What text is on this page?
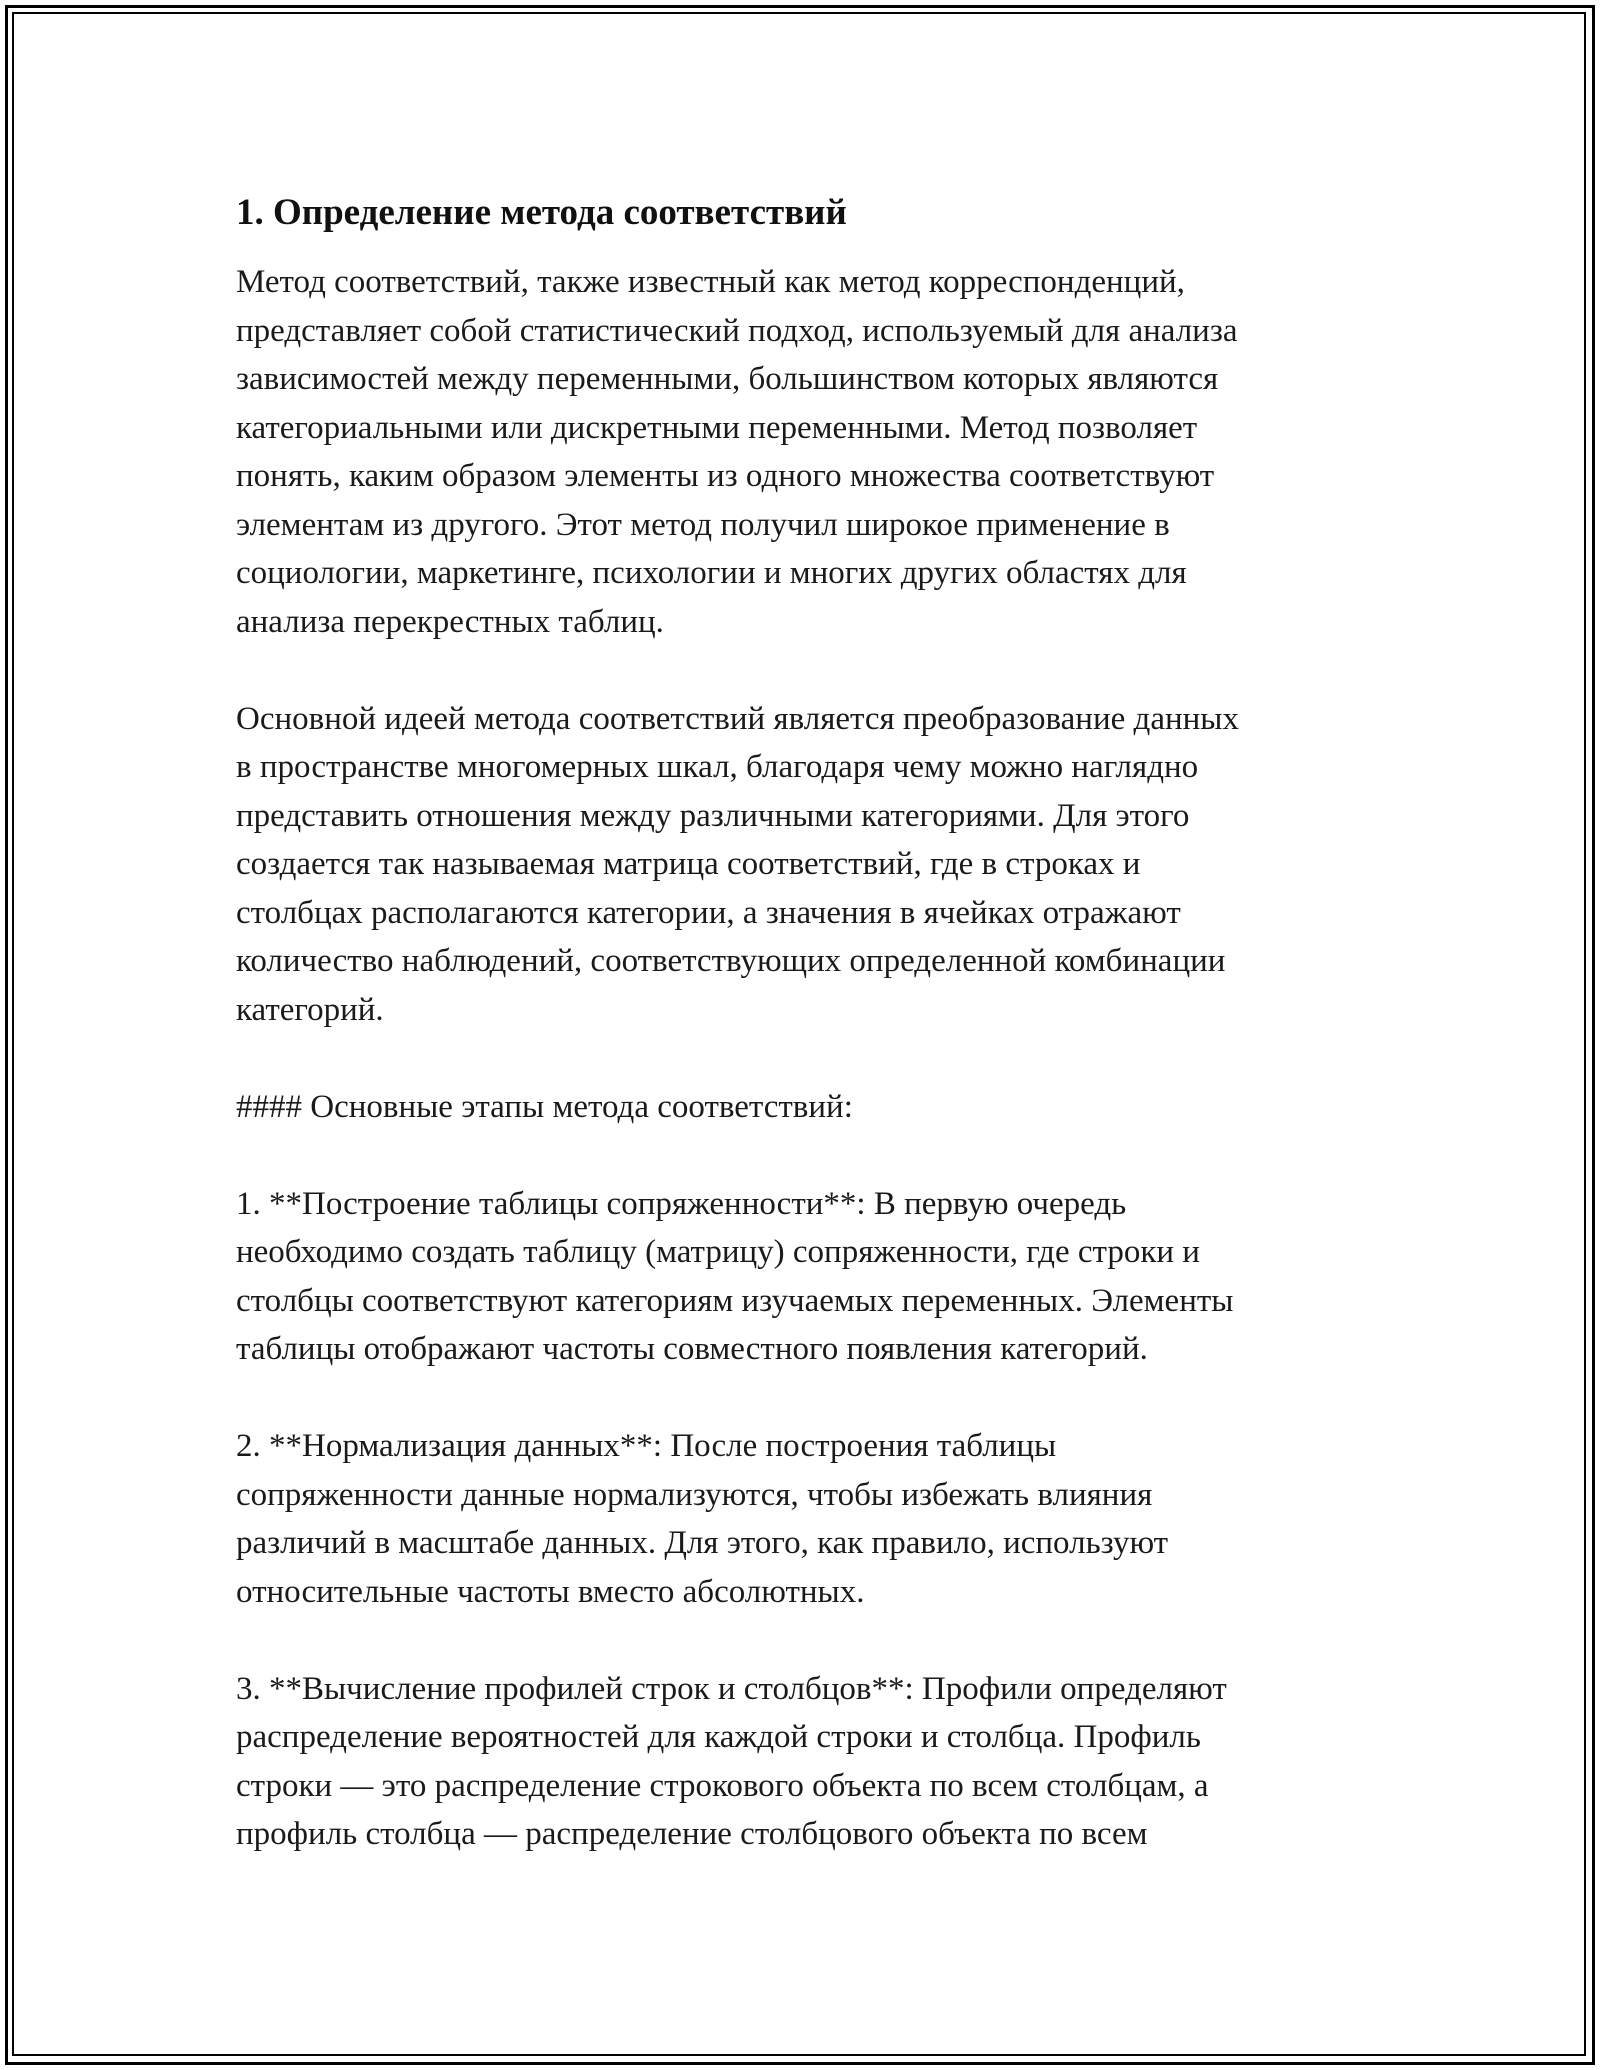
1. Определение метода соответствий

Метод соответствий, также известный как метод корреспонденций,
представляет собой статистический подход, используемый для анализа
зависимостей между переменными, большинством которых являются
категориальными или дискретными переменными. Метод позволяет
понять, каким образом элементы из одного множества соответствуют
элементам из другого. Этот метод получил широкое применение в
социологии, маркетинге, психологии и многих других областях для
анализа перекрестных таблиц.

Основной идеей метода соответствий является преобразование данных
в пространстве многомерных шкал, благодаря чему можно наглядно
представить отношения между различными категориями. Для этого
создается так называемая матрица соответствий, где в строках и
столбцах располагаются категории, а значения в ячейках отражают
количество наблюдений, соответствующих определенной комбинации
категорий.

#### Основные этапы метода соответствий:

1. **Построение таблицы сопряженности**: В первую очередь
необходимо создать таблицу (матрицу) сопряженности, где строки и
столбцы соответствуют категориям изучаемых переменных. Элементы
таблицы отображают частоты совместного появления категорий.

2. **Нормализация данных**: После построения таблицы
сопряженности данные нормализуются, чтобы избежать влияния
различий в масштабе данных. Для этого, как правило, используют
относительные частоты вместо абсолютных.

3. **Вычисление профилей строк и столбцов**: Профили определяют
распределение вероятностей для каждой строки и столбца. Профиль
строки — это распределение строкового объекта по всем столбцам, а
профиль столбца — распределение столбцового объекта по всем
